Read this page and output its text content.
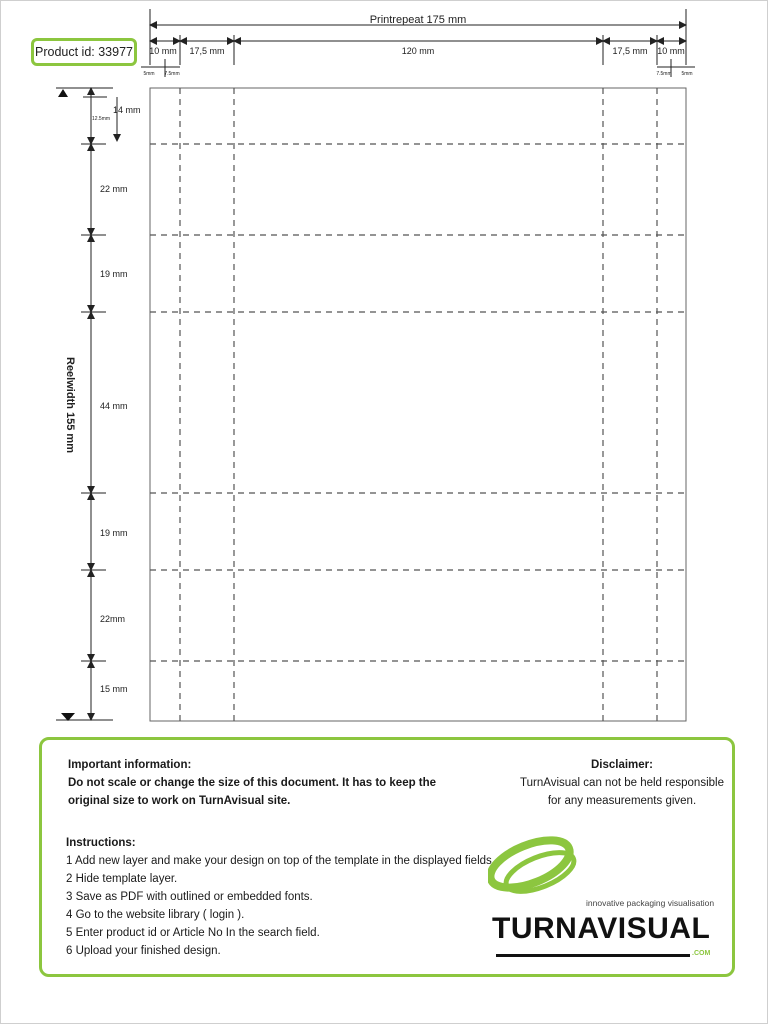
Printrepeat 175 mm
10 mm 17,5 mm	120 mm	17,5 mm 10 mm
5mm 7.5mm	7.5mm 5mm
Reelwidth 155 mm
12.5mm
14 mm
22 mm
19 mm
44 mm
19 mm
22mm
15 mm
Product id: 33977
Important information:
Do not scale or change the size of this document. It has to keep the
original size to work on TurnAvisual site.
Disclaimer:
TurnAvisual can not be held responsible
for any measurements given.
Instructions:
1 Add new layer and make your design on top of the template in the displayed fields.
2 Hide template layer.
3 Save as PDF with outlined or embedded fonts.
4 Go to the website library ( login ).
5 Enter product id or Article No In the search field.
6 Upload your finished design.
innovative packaging visualisation
TURNAVISUAL
.COM
